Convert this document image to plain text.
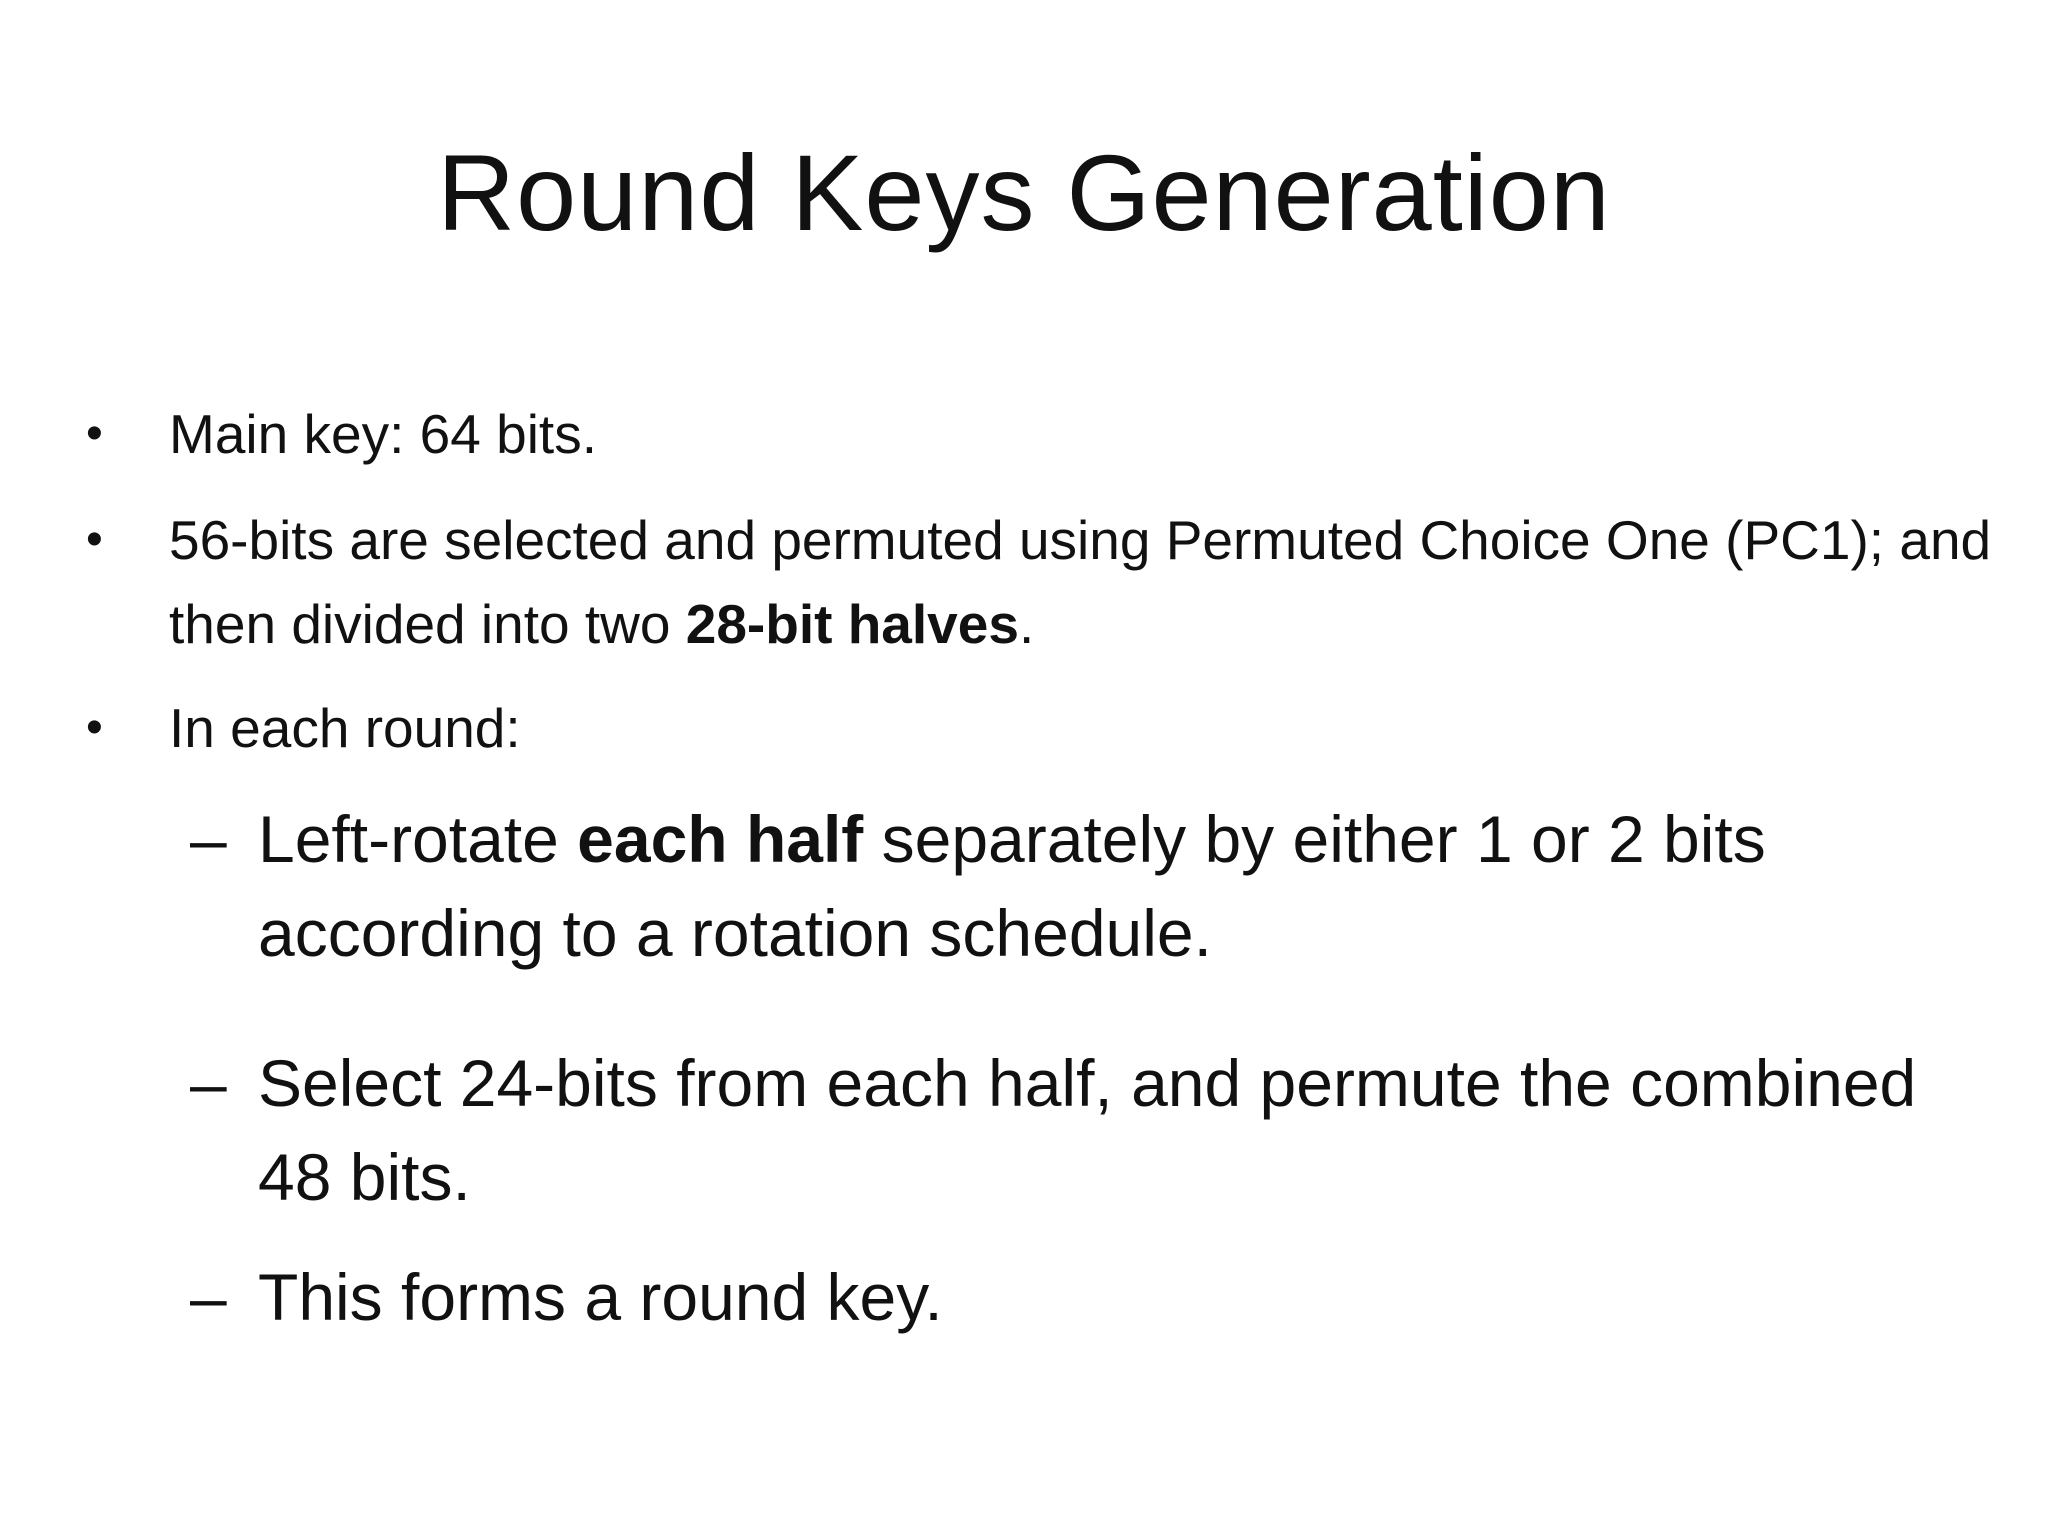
Round Keys Generation
•	Main key: 64 bits.
•	56-bits are selected and permuted using Permuted Choice One (PC1); and then divided into two 28-bit halves.
•	In each round:
– Left-rotate each half separately by either 1 or 2 bits according to a rotation schedule.
– Select 24-bits from each half, and permute the combined 48 bits.
– This forms a round key.
